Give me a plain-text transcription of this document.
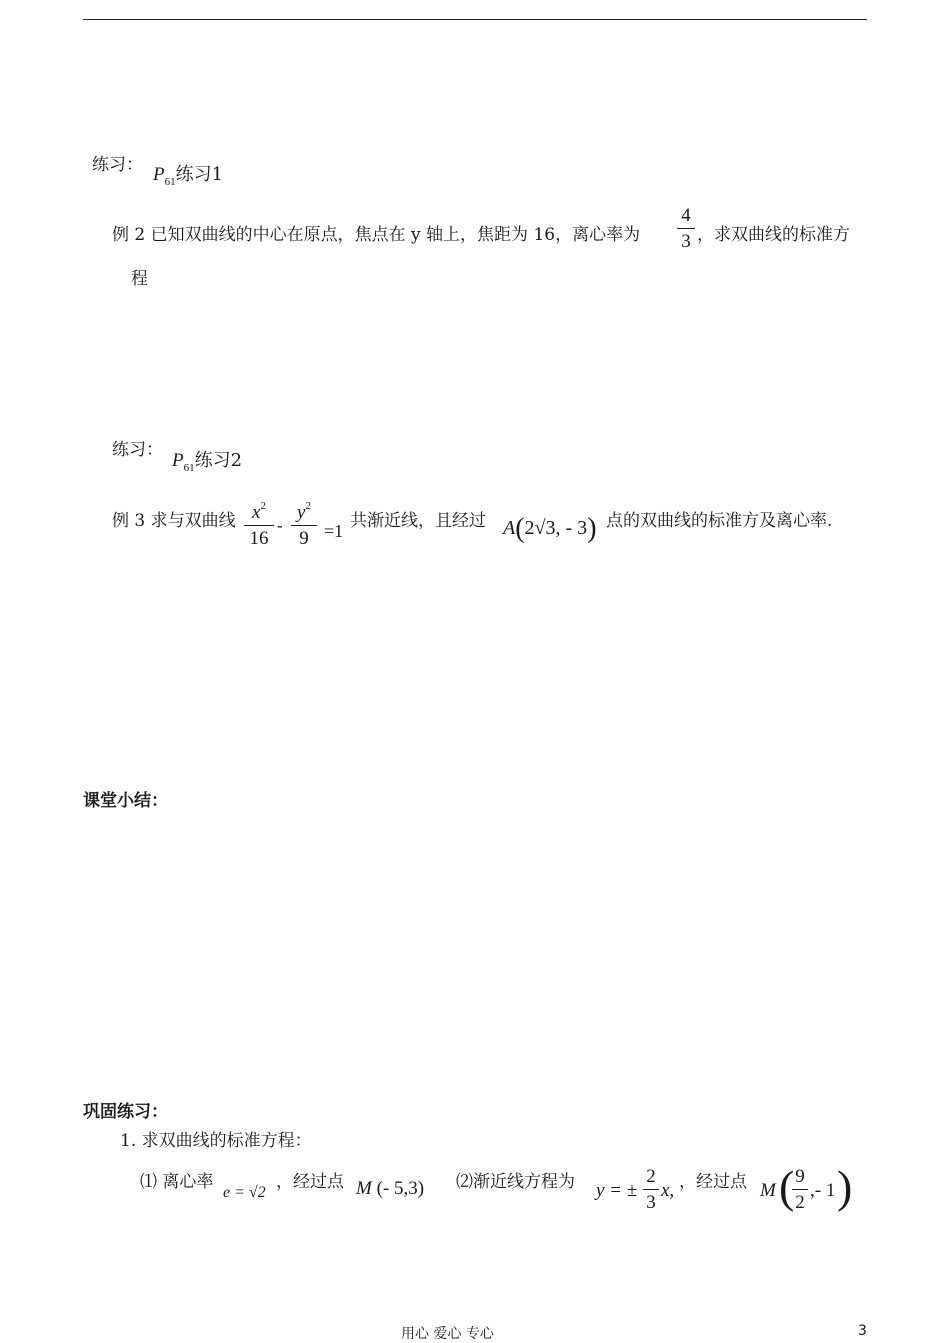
练习： $P_{61}$练习1
例 2 已知双曲线的中心在原点，焦点在 y 轴上，焦距为 16，离心率为
4
3 ，求双曲线的标准方
程
练习： $P_{61}$练习2
例 3 求与双曲线 $x^2$
16
-
$y^2$
9 =1 共渐近线，且经过 A(2√3, - 3) 点的双曲线的标准方及离心率.
课堂小结：
巩固练习：
1. 求双曲线的标准方程：
⑴ 离心率
e = √2
，经过点 M (- 5,3) ⑵渐近线方程为 y = ±
2
3
x, ，经过点 M ( 9
2
,- 1 )
用心 爱心 专心	3
